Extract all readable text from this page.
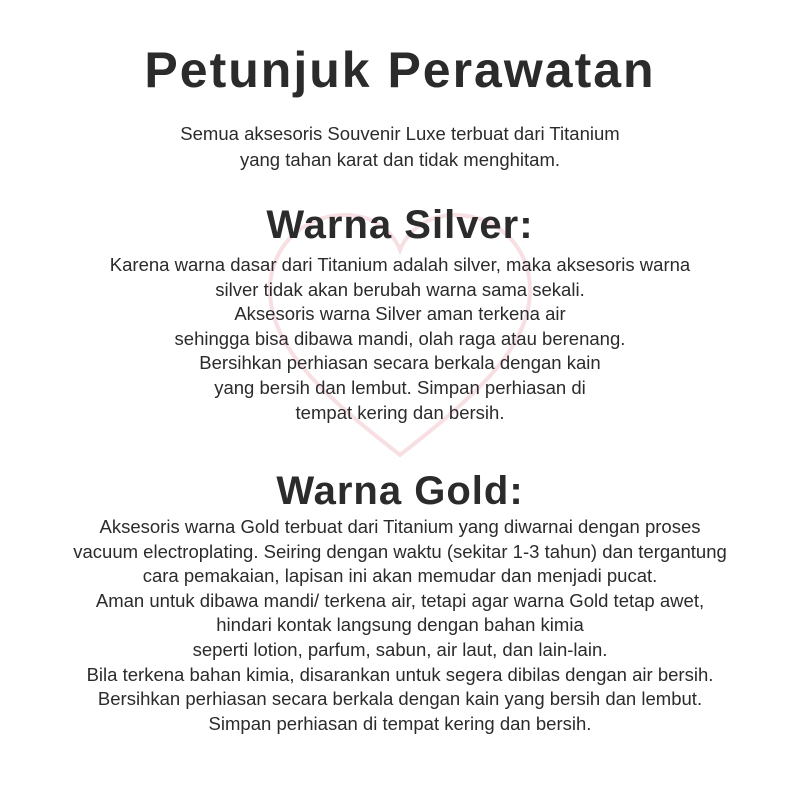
Petunjuk Perawatan
Semua aksesoris Souvenir Luxe terbuat dari Titanium
yang tahan karat dan tidak menghitam.
Warna Silver:
Karena warna dasar dari Titanium adalah silver, maka aksesoris warna
silver tidak akan berubah warna sama sekali.
Aksesoris warna Silver aman terkena air
sehingga bisa dibawa mandi, olah raga atau berenang.
Bersihkan perhiasan secara berkala dengan kain
yang bersih dan lembut. Simpan perhiasan di
tempat kering dan bersih.
Warna Gold:
Aksesoris warna Gold terbuat dari Titanium yang diwarnai dengan proses
vacuum electroplating. Seiring dengan waktu (sekitar 1-3 tahun) dan tergantung
cara pemakaian, lapisan ini akan memudar dan menjadi pucat.
Aman untuk dibawa mandi/ terkena air, tetapi agar warna Gold tetap awet,
hindari kontak langsung dengan bahan kimia
seperti lotion, parfum, sabun, air laut, dan lain-lain.
Bila terkena bahan kimia, disarankan untuk segera dibilas dengan air bersih.
Bersihkan perhiasan secara berkala dengan kain yang bersih dan lembut.
Simpan perhiasan di tempat kering dan bersih.
